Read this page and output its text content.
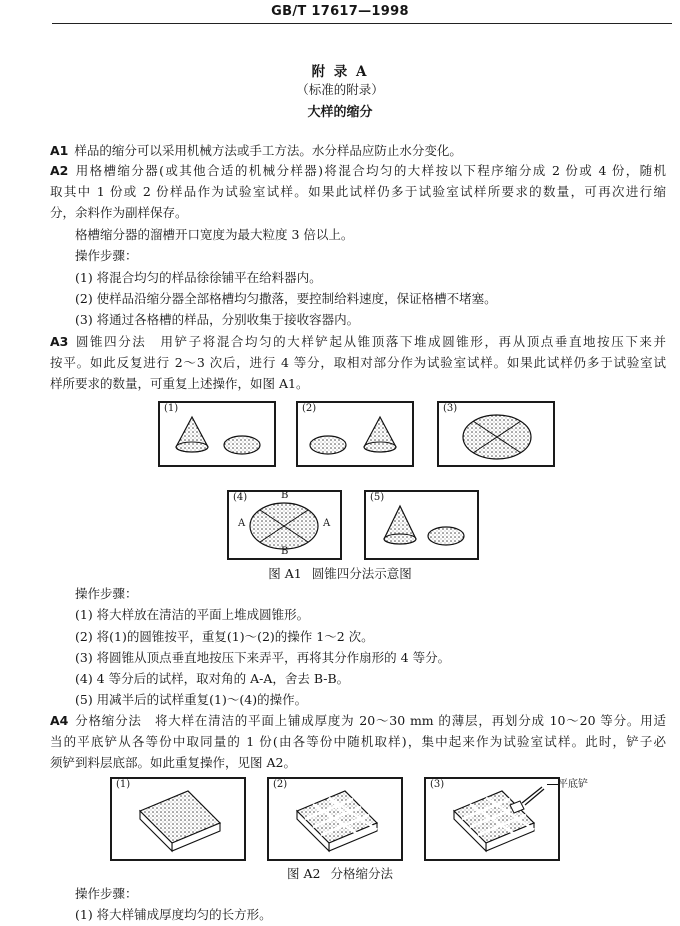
GB/T 17617—1998
附 录 A
（标准的附录）
大样的缩分
A1 样品的缩分可以采用机械方法或手工方法。水分样品应防止水分变化。
A2 用格槽缩分器(或其他合适的机械分样器)将混合均匀的大样按以下程序缩分成 2 份或 4 份，随机
取其中 1 份或 2 份样品作为试验室试样。如果此试样仍多于试验室试样所要求的数量，可再次进行缩
分，余料作为副样保存。
格槽缩分器的溜槽开口宽度为最大粒度 3 倍以上。
操作步骤：
(1) 将混合均匀的样品徐徐铺平在给料器内。
(2) 使样品沿缩分器全部格槽均匀撒落，要控制给料速度，保证格槽不堵塞。
(3) 将通过各格槽的样品，分别收集于接收容器内。
A3 圆锥四分法　用铲子将混合均匀的大样铲起从锥顶落下堆成圆锥形，再从顶点垂直地按压下来并
按平。如此反复进行 2～3 次后，进行 4 等分，取相对部分作为试验室试样。如果此试样仍多于试验室试
样所要求的数量，可重复上述操作，如图 A1。
(1)	(2)	(3)
(4)
A	A
B
B
(5)
图 A1 圆锥四分法示意图
操作步骤：
(1) 将大样放在清洁的平面上堆成圆锥形。
(2) 将(1)的圆锥按平，重复(1)～(2)的操作 1～2 次。
(3) 将圆锥从顶点垂直地按压下来弄平，再将其分作扇形的 4 等分。
(4) 4 等分后的试样，取对角的 A-A，舍去 B-B。
(5) 用减半后的试样重复(1)～(4)的操作。
A4 分格缩分法　将大样在清洁的平面上铺成厚度为 20～30 mm 的薄层，再划分成 10～20 等分。用适
当的平底铲从各等份中取同量的 1 份(由各等份中随机取样)，集中起来作为试验室试样。此时，铲子必
须铲到料层底部。如此重复操作，见图 A2。
(1)	(2)	(3)	平底铲
图 A2 分格缩分法
操作步骤：
(1) 将大样铺成厚度均匀的长方形。
